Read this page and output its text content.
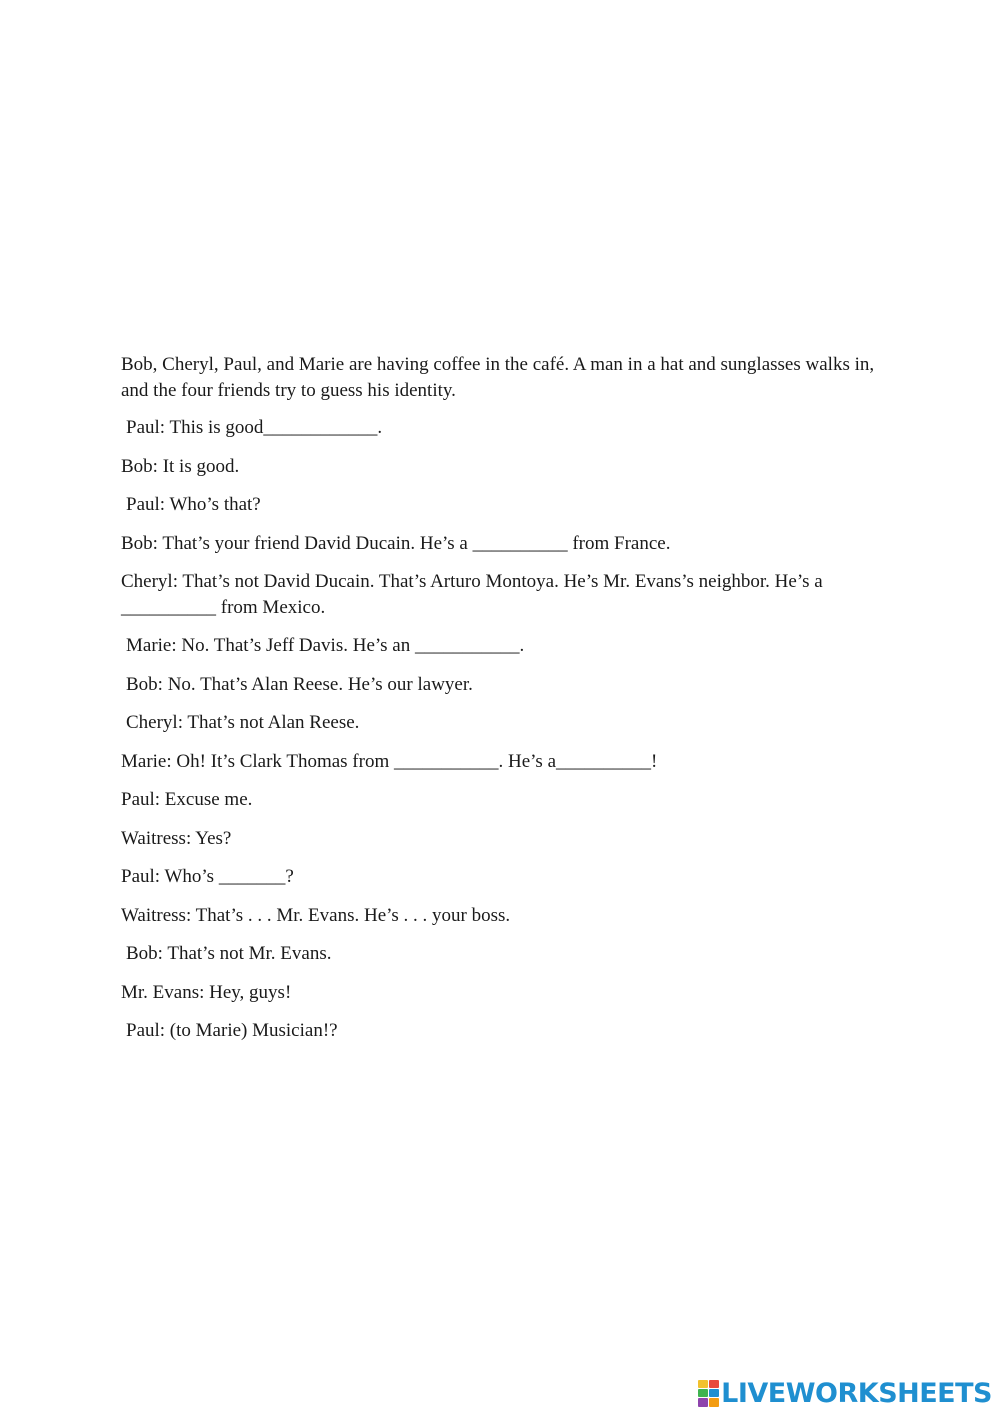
Bob, Cheryl, Paul, and Marie are having coffee in the café. A man in a hat and sunglasses walks in, and the four friends try to guess his identity.

Paul: This is good____________.

Bob: It is good.

Paul: Who’s that?

Bob: That’s your friend David Ducain. He’s a __________ from France.

Cheryl: That’s not David Ducain. That’s Arturo Montoya. He’s Mr. Evans’s neighbor. He’s a __________ from Mexico.

Marie: No. That’s Jeff Davis. He’s an ___________.

Bob: No. That’s Alan Reese. He’s our lawyer.

Cheryl: That’s not Alan Reese.

Marie: Oh! It’s Clark Thomas from ___________. He’s a__________!

Paul: Excuse me.

Waitress: Yes?

Paul: Who’s _______?

Waitress: That’s . . . Mr. Evans. He’s . . . your boss.

Bob: That’s not Mr. Evans.

Mr. Evans: Hey, guys!

Paul: (to Marie) Musician!?

LIVEWORKSHEETS
